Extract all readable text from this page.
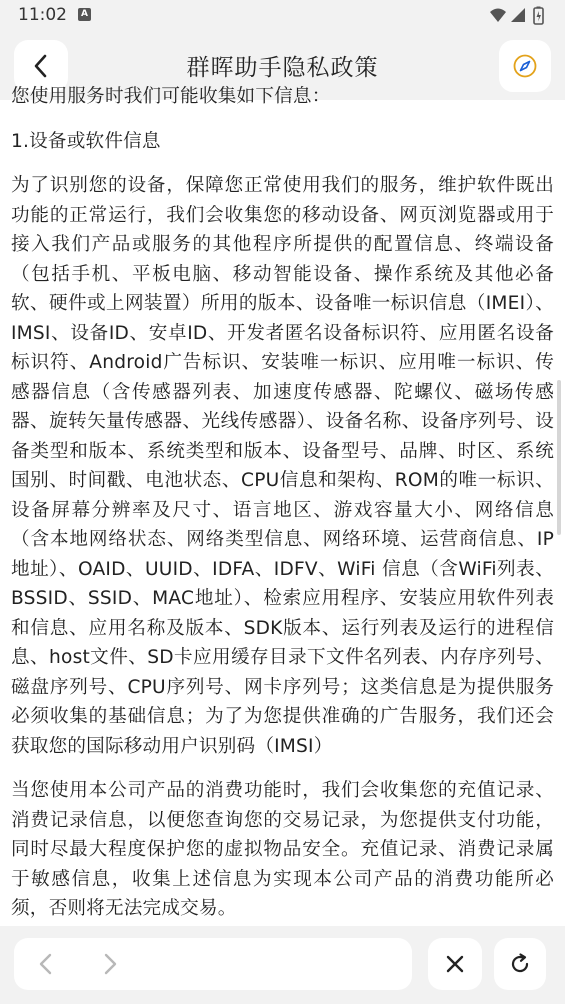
11:02	A
群晖助手隐私政策

您使用服务时我们可能收集如下信息：

1.设备或软件信息

为了识别您的设备，保障您正常使用我们的服务，维护软件既出功能的正常运行，我们会收集您的移动设备、网页浏览器或用于接入我们产品或服务的其他程序所提供的配置信息、终端设备（包括手机、平板电脑、移动智能设备、操作系统及其他必备软、硬件或上网装置）所用的版本、设备唯一标识信息（IMEI）、IMSI、设备ID、安卓ID、开发者匿名设备标识符、应用匿名设备标识符、Android广告标识、安装唯一标识、应用唯一标识、传感器信息（含传感器列表、加速度传感器、陀螺仪、磁场传感器、旋转矢量传感器、光线传感器）、设备名称、设备序列号、设备类型和版本、系统类型和版本、设备型号、品牌、时区、系统国别、时间戳、电池状态、CPU信息和架构、ROM的唯一标识、设备屏幕分辨率及尺寸、语言地区、游戏容量大小、网络信息（含本地网络状态、网络类型信息、网络环境、运营商信息、IP地址）、OAID、UUID、IDFA、IDFV、WiFi 信息（含WiFi列表、BSSID、SSID、MAC地址）、检索应用程序、安装应用软件列表和信息、应用名称及版本、SDK版本、运行列表及运行的进程信息、host文件、SD卡应用缓存目录下文件名列表、内存序列号、磁盘序列号、CPU序列号、网卡序列号；这类信息是为提供服务必须收集的基础信息；为了为您提供准确的广告服务，我们还会获取您的国际移动用户识别码（IMSI）

当您使用本公司产品的消费功能时，我们会收集您的充值记录、消费记录信息，以便您查询您的交易记录，为您提供支付功能，同时尽最大程度保护您的虚拟物品安全。充值记录、消费记录属于敏感信息，收集上述信息为实现本公司产品的消费功能所必须，否则将无法完成交易。
